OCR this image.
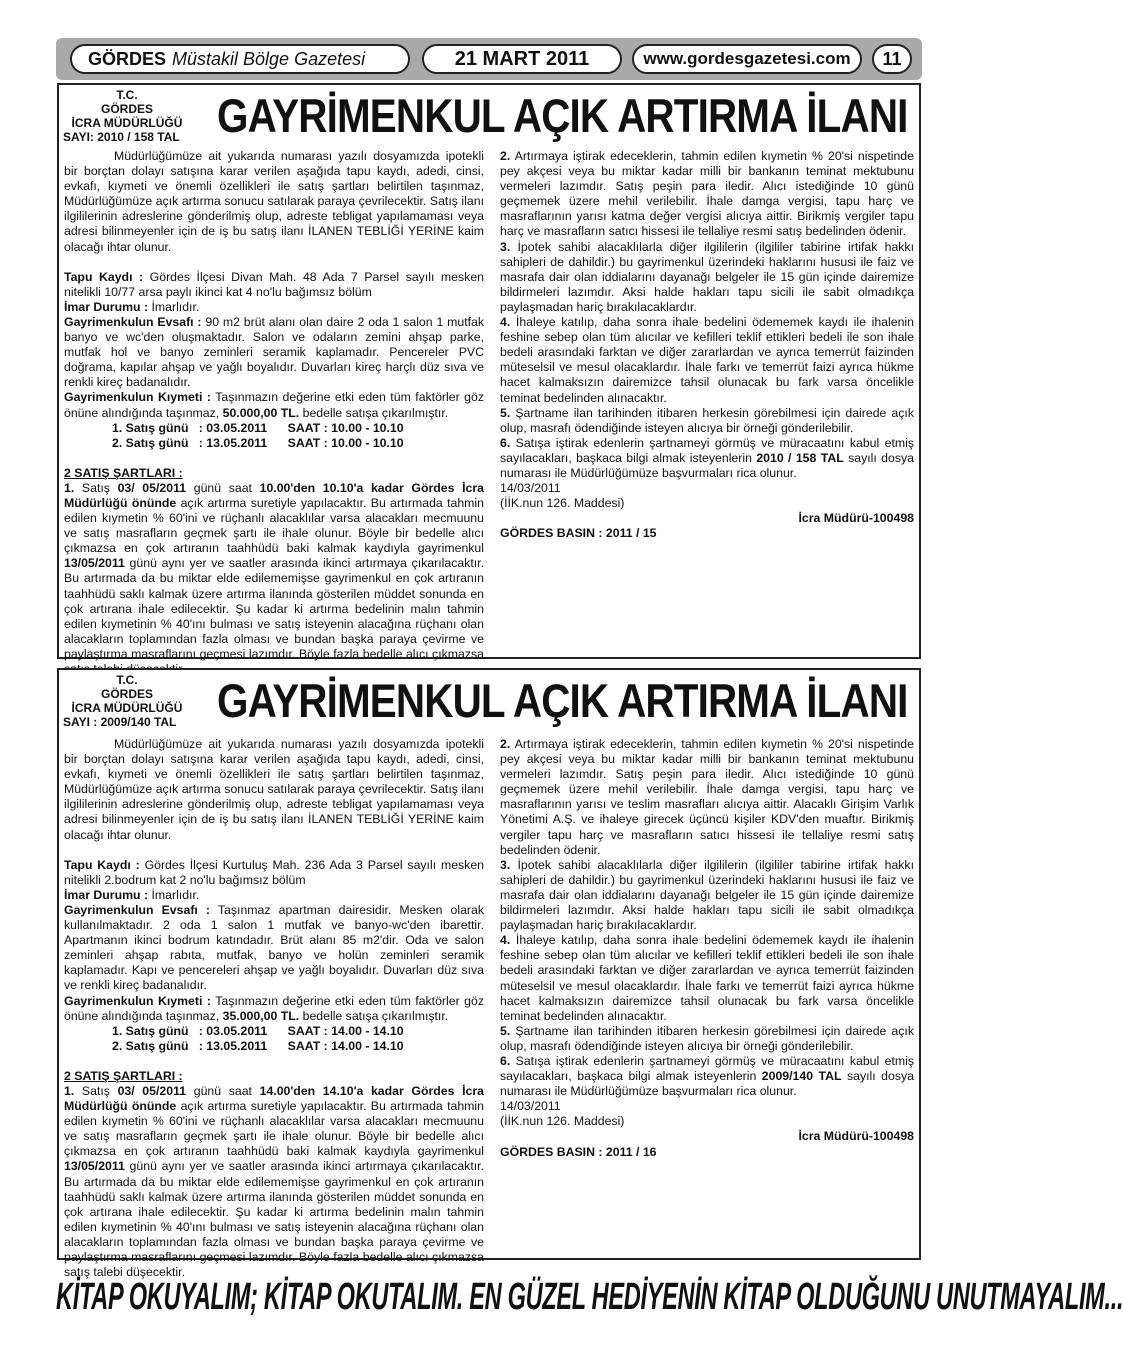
GÖRDES Müstakil Bölge Gazetesi	21 MART 2011	www.gordesgazetesi.com	11
T.C.
GÖRDES
İCRA MÜDÜRLÜĞÜ
SAYI: 2010 / 158 TAL GAYRİMENKUL AÇIK ARTIRMA İLANI

Müdürlüğümüze ait yukarıda numarası yazılı dosyamızda ipotekli bir borçtan dolayı satışına karar verilen aşağıda tapu kaydı, adedi, cinsi, evkafı, kıymeti ve önemli özellikleri ile satış şartları belirtilen taşınmaz, Müdürlüğümüze açık artırma sonucu satılarak paraya çevrilecektir. Satış ilanı ilgililerinin adreslerine gönderilmiş olup, adreste tebligat yapılamaması veya adresi bilinmeyenler için de iş bu satış ilanı İLANEN TEBLİĞİ YERİNE kaim olacağı ihtar olunur.

Tapu Kaydı : Gördes İlçesi Divan Mah. 48 Ada 7 Parsel sayılı mesken nitelikli 10/77 arsa paylı ikinci kat 4 no'lu bağımsız bölüm

İmar Durumu : İmarlıdır.

Gayrimenkulun Evsafı : 90 m2 brüt alanı olan daire 2 oda 1 salon 1 mutfak banyo ve wc'den oluşmaktadır. Salon ve odaların zemini ahşap parke, mutfak hol ve banyo zeminleri seramik kaplamadır. Pencereler PVC doğrama, kapılar ahşap ve yağlı boyalıdır. Duvarları kireç harçlı düz sıva ve renkli kireç badanalıdır.

Gayrimenkulun Kıymeti : Taşınmazın değerine etki eden tüm faktörler göz önüne alındığında taşınmaz, 50.000,00 TL. bedelle satışa çıkarılmıştır.

1. Satış günü   : 03.05.2011      SAAT : 10.00 - 10.10

2. Satış günü   : 13.05.2011      SAAT : 10.00 - 10.10

2 SATIŞ ŞARTLARI :

1. Satış 03/ 05/2011 günü saat 10.00'den 10.10'a kadar Gördes İcra Müdürlüğü önünde açık artırma suretiyle yapılacaktır. Bu artırmada tahmin edilen kıymetin % 60'ini ve rüçhanlı alacaklılar varsa alacakları mecmuunu ve satış masrafların geçmek şartı ile ihale olunur. Böyle bir bedelle alıcı çıkmazsa en çok artıranın taahhüdü baki kalmak kaydıyla gayrimenkul 13/05/2011 günü aynı yer ve saatler arasında ikinci artırmaya çıkarılacaktır. Bu artırmada da bu miktar elde edilememişse gayrimenkul en çok artıranın taahhüdü saklı kalmak üzere artırma ilanında gösterilen müddet sonunda en çok artırana ihale edilecektir. Şu kadar ki artırma bedelinin malın tahmin edilen kıymetinin % 40'ını bulması ve satış isteyenin alacağına rüçhanı olan alacakların toplamından fazla olması ve bundan başka paraya çevirme ve paylaştırma masraflarını geçmesi lazımdır. Böyle fazla bedelle alıcı çıkmazsa

2. Artırmaya iştirak edeceklerin, tahmin edilen kıymetin % 20'si nispetinde pey akçesi veya bu miktar kadar milli bir bankanın teminat mektubunu vermeleri lazımdır. Satış peşin para iledir. Alıcı istediğinde 10 günü geçmemek üzere mehil verilebilir. İhale damga vergisi, tapu harç ve masraflarının yarısı katma değer vergisi alıcıya aittir. Birikmiş vergiler tapu harç ve masrafların satıcı hissesi ile tellaliye resmi satış bedelinden ödenir.

3. İpotek sahibi alacaklılarla diğer ilgililerin (ilgililer tabirine irtifak hakkı sahipleri de dahildir.) bu gayrimenkul üzerindeki haklarını hususi ile faiz ve masrafa dair olan iddialarını dayanağı belgeler ile 15 gün içinde dairemize bildirmeleri lazımdır. Aksi halde hakları tapu sicili ile sabit olmadıkça paylaşmadan hariç bırakılacaklardır.

4. İhaleye katılıp, daha sonra ihale bedelini ödememek kaydı ile ihalenin feshine sebep olan tüm alıcılar ve kefilleri teklif ettikleri bedeli ile son ihale bedeli arasındaki farktan ve diğer zararlardan ve ayrıca temerrüt faizinden müteselsil ve mesul olacaklardır. İhale farkı ve temerrüt faizi ayrıca hükme hacet kalmaksızın dairemizce tahsil olunacak bu fark varsa öncelikle teminat bedelinden alınacaktır.

5. Şartname ilan tarihinden itibaren herkesin görebilmesi için dairede açık olup, masrafı ödendiğinde isteyen alıcıya bir örneği gönderilebilir.

6. Satışa iştirak edenlerin şartnameyi görmüş ve müracaatını kabul etmiş sayılacakları, başkaca bilgi almak isteyenlerin 2010 / 158 TAL sayılı dosya numarası ile Müdürlüğümüze başvurmaları rica olunur.

14/03/2011

(İİK.nun 126. Maddesi)

İcra Müdürü-100498

GÖRDES BASIN : 2011 / 15

T.C.
GÖRDES
İCRA MÜDÜRLÜĞÜ
SAYI : 2009/140 TAL GAYRİMENKUL AÇIK ARTIRMA İLANI

Müdürlüğümüze ait yukarıda numarası yazılı dosyamızda ipotekli bir borçtan dolayı satışına karar verilen aşağıda tapu kaydı, adedi, cinsi, evkafı, kıymeti ve önemli özellikleri ile satış şartları belirtilen taşınmaz, Müdürlüğümüze açık artırma sonucu satılarak paraya çevrilecektir. Satış ilanı ilgililerinin adreslerine gönderilmiş olup, adreste tebligat yapılamaması veya adresi bilinmeyenler için de iş bu satış ilanı İLANEN TEBLİĞİ YERİNE kaim olacağı ihtar olunur.

Tapu Kaydı : Gördes İlçesi Kurtuluş Mah. 236 Ada 3 Parsel sayılı mesken nitelikli 2.bodrum kat 2 no'lu bağımsız bölüm

İmar Durumu : İmarlıdır.

Gayrimenkulun Evsafı : Taşınmaz apartman dairesidir. Mesken olarak kullanılmaktadır. 2 oda 1 salon 1 mutfak ve banyo-wc'den ibarettir. Apartmanın ikinci bodrum katındadır. Brüt alanı 85 m2'dir. Oda ve salon zeminleri ahşap rabıta, mutfak, banyo ve holün zeminleri seramik kaplamadır. Kapı ve pencereleri ahşap ve yağlı boyalıdır. Duvarları düz sıva ve renkli kireç badanalıdır.

Gayrimenkulun Kıymeti : Taşınmazın değerine etki eden tüm faktörler göz önüne alındığında taşınmaz, 35.000,00 TL. bedelle satışa çıkarılmıştır.

1. Satış günü   : 03.05.2011      SAAT : 14.00 - 14.10

2. Satış günü   : 13.05.2011      SAAT : 14.00 - 14.10

2 SATIŞ ŞARTLARI :

1. Satış 03/ 05/2011 günü saat 14.00'den 14.10'a kadar Gördes İcra Müdürlüğü önünde açık artırma suretiyle yapılacaktır. Bu artırmada tahmin edilen kıymetin % 60'ini ve rüçhanlı alacaklılar varsa alacakları mecmuunu ve satış masrafların geçmek şartı ile ihale olunur. Böyle bir bedelle alıcı çıkmazsa en çok artıranın taahhüdü baki kalmak kaydıyla gayrimenkul 13/05/2011 günü aynı yer ve saatler arasında ikinci artırmaya çıkarılacaktır. Bu artırmada da bu miktar elde edilememişse gayrimenkul en çok artıranın taahhüdü saklı kalmak üzere artırma ilanında gösterilen müddet sonunda en çok artırana ihale edilecektir. Şu kadar ki artırma bedelinin malın tahmin edilen kıymetinin % 40'ını bulması ve satış isteyenin alacağına rüçhanı olan alacakların toplamından fazla olması ve bundan başka paraya çevirme ve paylaştırma masraflarını geçmesi lazımdır. Böyle fazla bedelle alıcı çıkmazsa satış talebi düşecektir.

2. Artırmaya iştirak edeceklerin, tahmin edilen kıymetin % 20'si nispetinde pey akçesi veya bu miktar kadar milli bir bankanın teminat mektubunu vermeleri lazımdır. Satış peşin para iledir. Alıcı istediğinde 10 günü geçmemek üzere mehil verilebilir. İhale damga vergisi, tapu harç ve masraflarının yarısı ve teslim masrafları alıcıya aittir. Alacaklı Girişim Varlık Yönetimi A.Ş. ve ihaleye girecek üçüncü kişiler KDV'den muaftır. Birikmiş vergiler tapu harç ve masrafların satıcı hissesi ile tellaliye resmi satış bedelinden ödenir.

3. İpotek sahibi alacaklılarla diğer ilgililerin (ilgililer tabirine irtifak hakkı sahipleri de dahildir.) bu gayrimenkul üzerindeki haklarını hususi ile faiz ve masrafa dair olan iddialarını dayanağı belgeler ile 15 gün içinde dairemize bildirmeleri lazımdır. Aksi halde hakları tapu sicili ile sabit olmadıkça paylaşmadan hariç bırakılacaklardır.

4. İhaleye katılıp, daha sonra ihale bedelini ödememek kaydı ile ihalenin feshine sebep olan tüm alıcılar ve kefilleri teklif ettikleri bedeli ile son ihale bedeli arasındaki farktan ve diğer zararlardan ve ayrıca temerrüt faizinden müteselsil ve mesul olacaklardır. İhale farkı ve temerrüt faizi ayrıca hükme hacet kalmaksızın dairemizce tahsil olunacak bu fark varsa öncelikle teminat bedelinden alınacaktır.

5. Şartname ilan tarihinden itibaren herkesin görebilmesi için dairede açık olup, masrafı ödendiğinde isteyen alıcıya bir örneği gönderilebilir.

6. Satışa iştirak edenlerin şartnameyi görmüş ve müracaatını kabul etmiş sayılacakları, başkaca bilgi almak isteyenlerin 2009/140 TAL sayılı dosya numarası ile Müdürlüğümüze başvurmaları rica olunur.

14/03/2011

(İİK.nun 126. Maddesi)

İcra Müdürü-100498

GÖRDES BASIN : 2011 / 16

KİTAP OKUYALIM; KİTAP OKUTALIM. EN GÜZEL HEDİYENİN KİTAP OLDUĞUNU UNUTMAYALIM...
